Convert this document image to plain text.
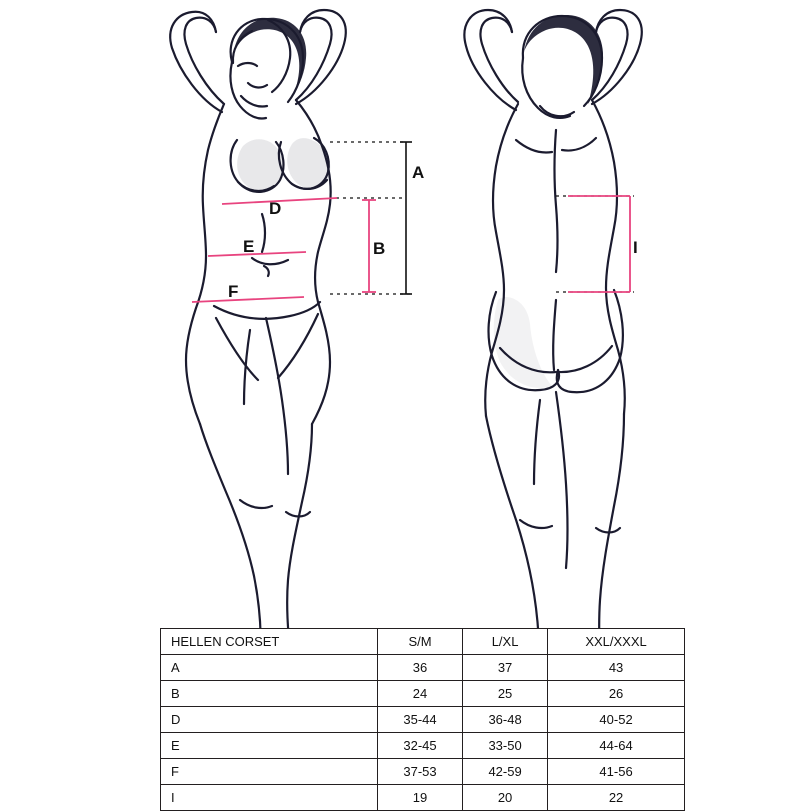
A
B
D
E
F
I
HELLEN CORSET	S/M	L/XL	XXL/XXXL
A	36	37	43
B	24	25	26
D	35-44	36-48	40-52
E	32-45	33-50	44-64
F	37-53	42-59	41-56
I	19	20	22
